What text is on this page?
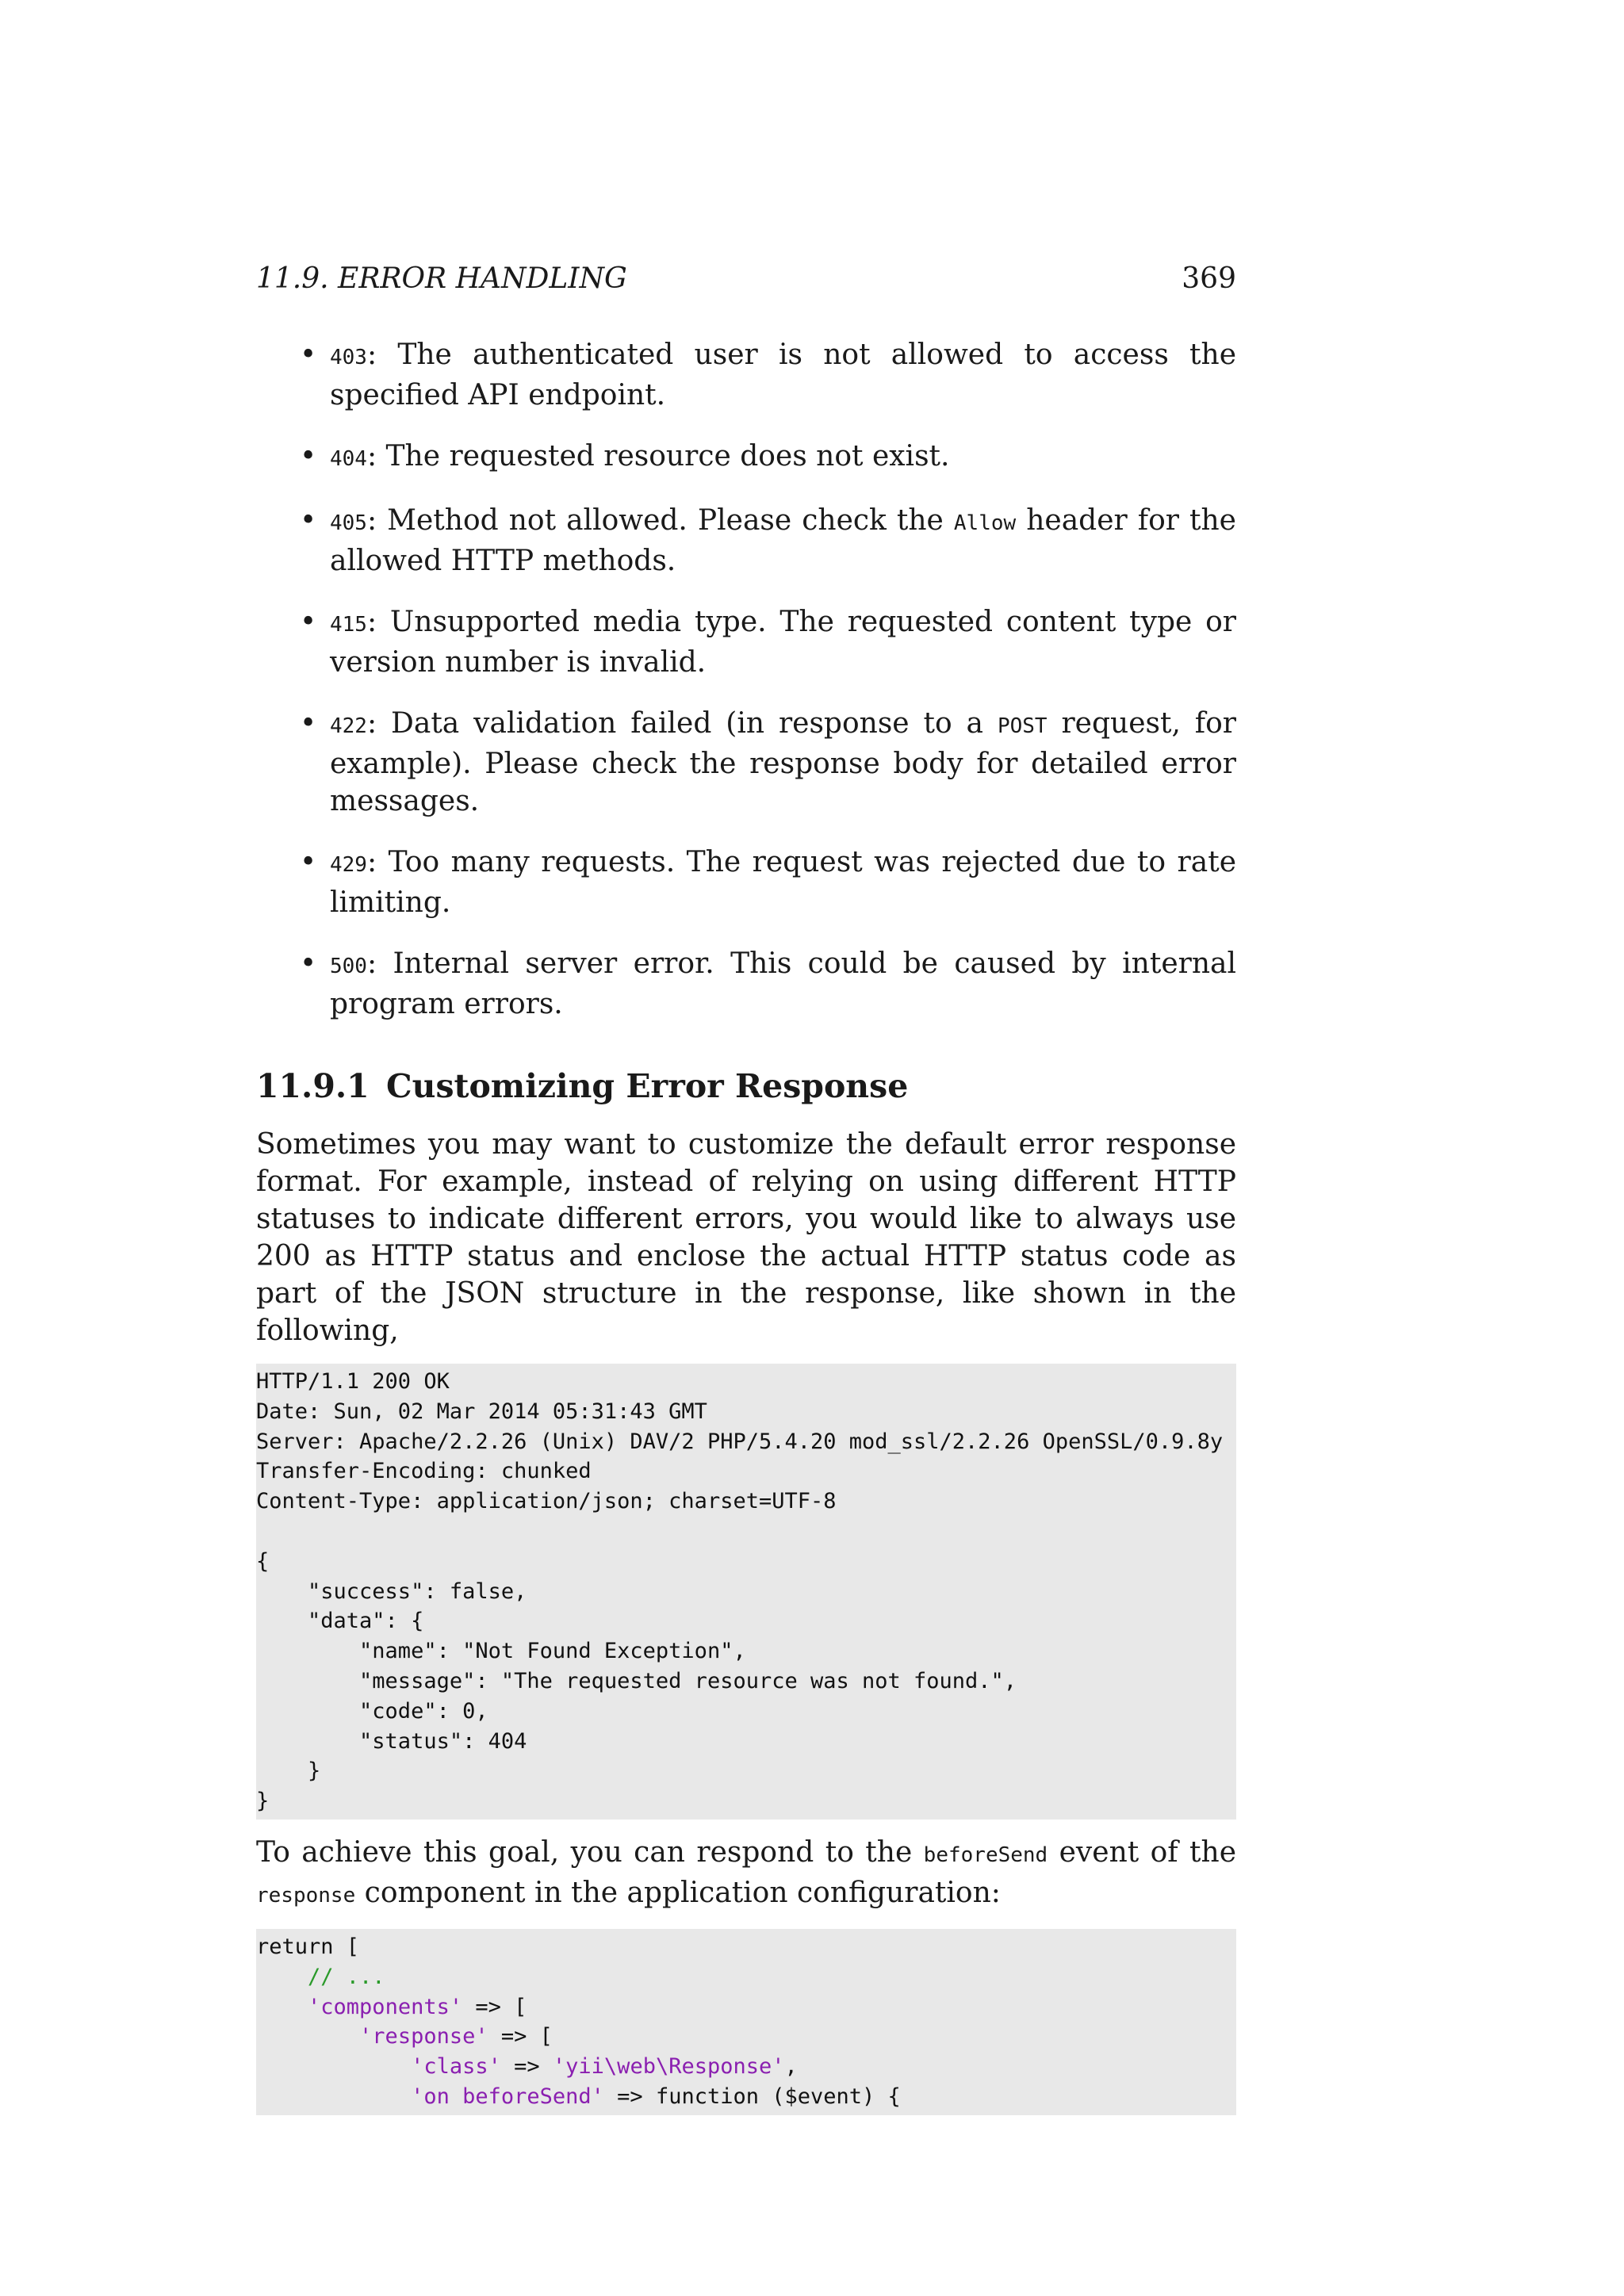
11.9. ERROR HANDLING	369
• 403: The authenticated user is not allowed to access the specified API endpoint.
• 404: The requested resource does not exist.
• 405: Method not allowed. Please check the Allow header for the allowed HTTP methods.
• 415: Unsupported media type. The requested content type or version number is invalid.
• 422: Data validation failed (in response to a POST request, for example). Please check the response body for detailed error messages.
• 429: Too many requests. The request was rejected due to rate limiting.
• 500: Internal server error. This could be caused by internal program errors.
11.9.1 Customizing Error Response

Sometimes you may want to customize the default error response format. For example, instead of relying on using different HTTP statuses to indicate different errors, you would like to always use 200 as HTTP status and enclose the actual HTTP status code as part of the JSON structure in the response, like shown in the following,

HTTP/1.1 200 OK
Date: Sun, 02 Mar 2014 05:31:43 GMT
Server: Apache/2.2.26 (Unix) DAV/2 PHP/5.4.20 mod_ssl/2.2.26 OpenSSL/0.9.8y
Transfer-Encoding: chunked
Content-Type: application/json; charset=UTF-8

{
"success": false,
"data": {
"name": "Not Found Exception",
"message": "The requested resource was not found.",
"code": 0,
"status": 404
}
}

To achieve this goal, you can respond to the beforeSend event of the response component in the application configuration:

return [
// ...
'components' => [
'response' => [
'class' => 'yii\web\Response',
'on beforeSend' => function ($event) {
